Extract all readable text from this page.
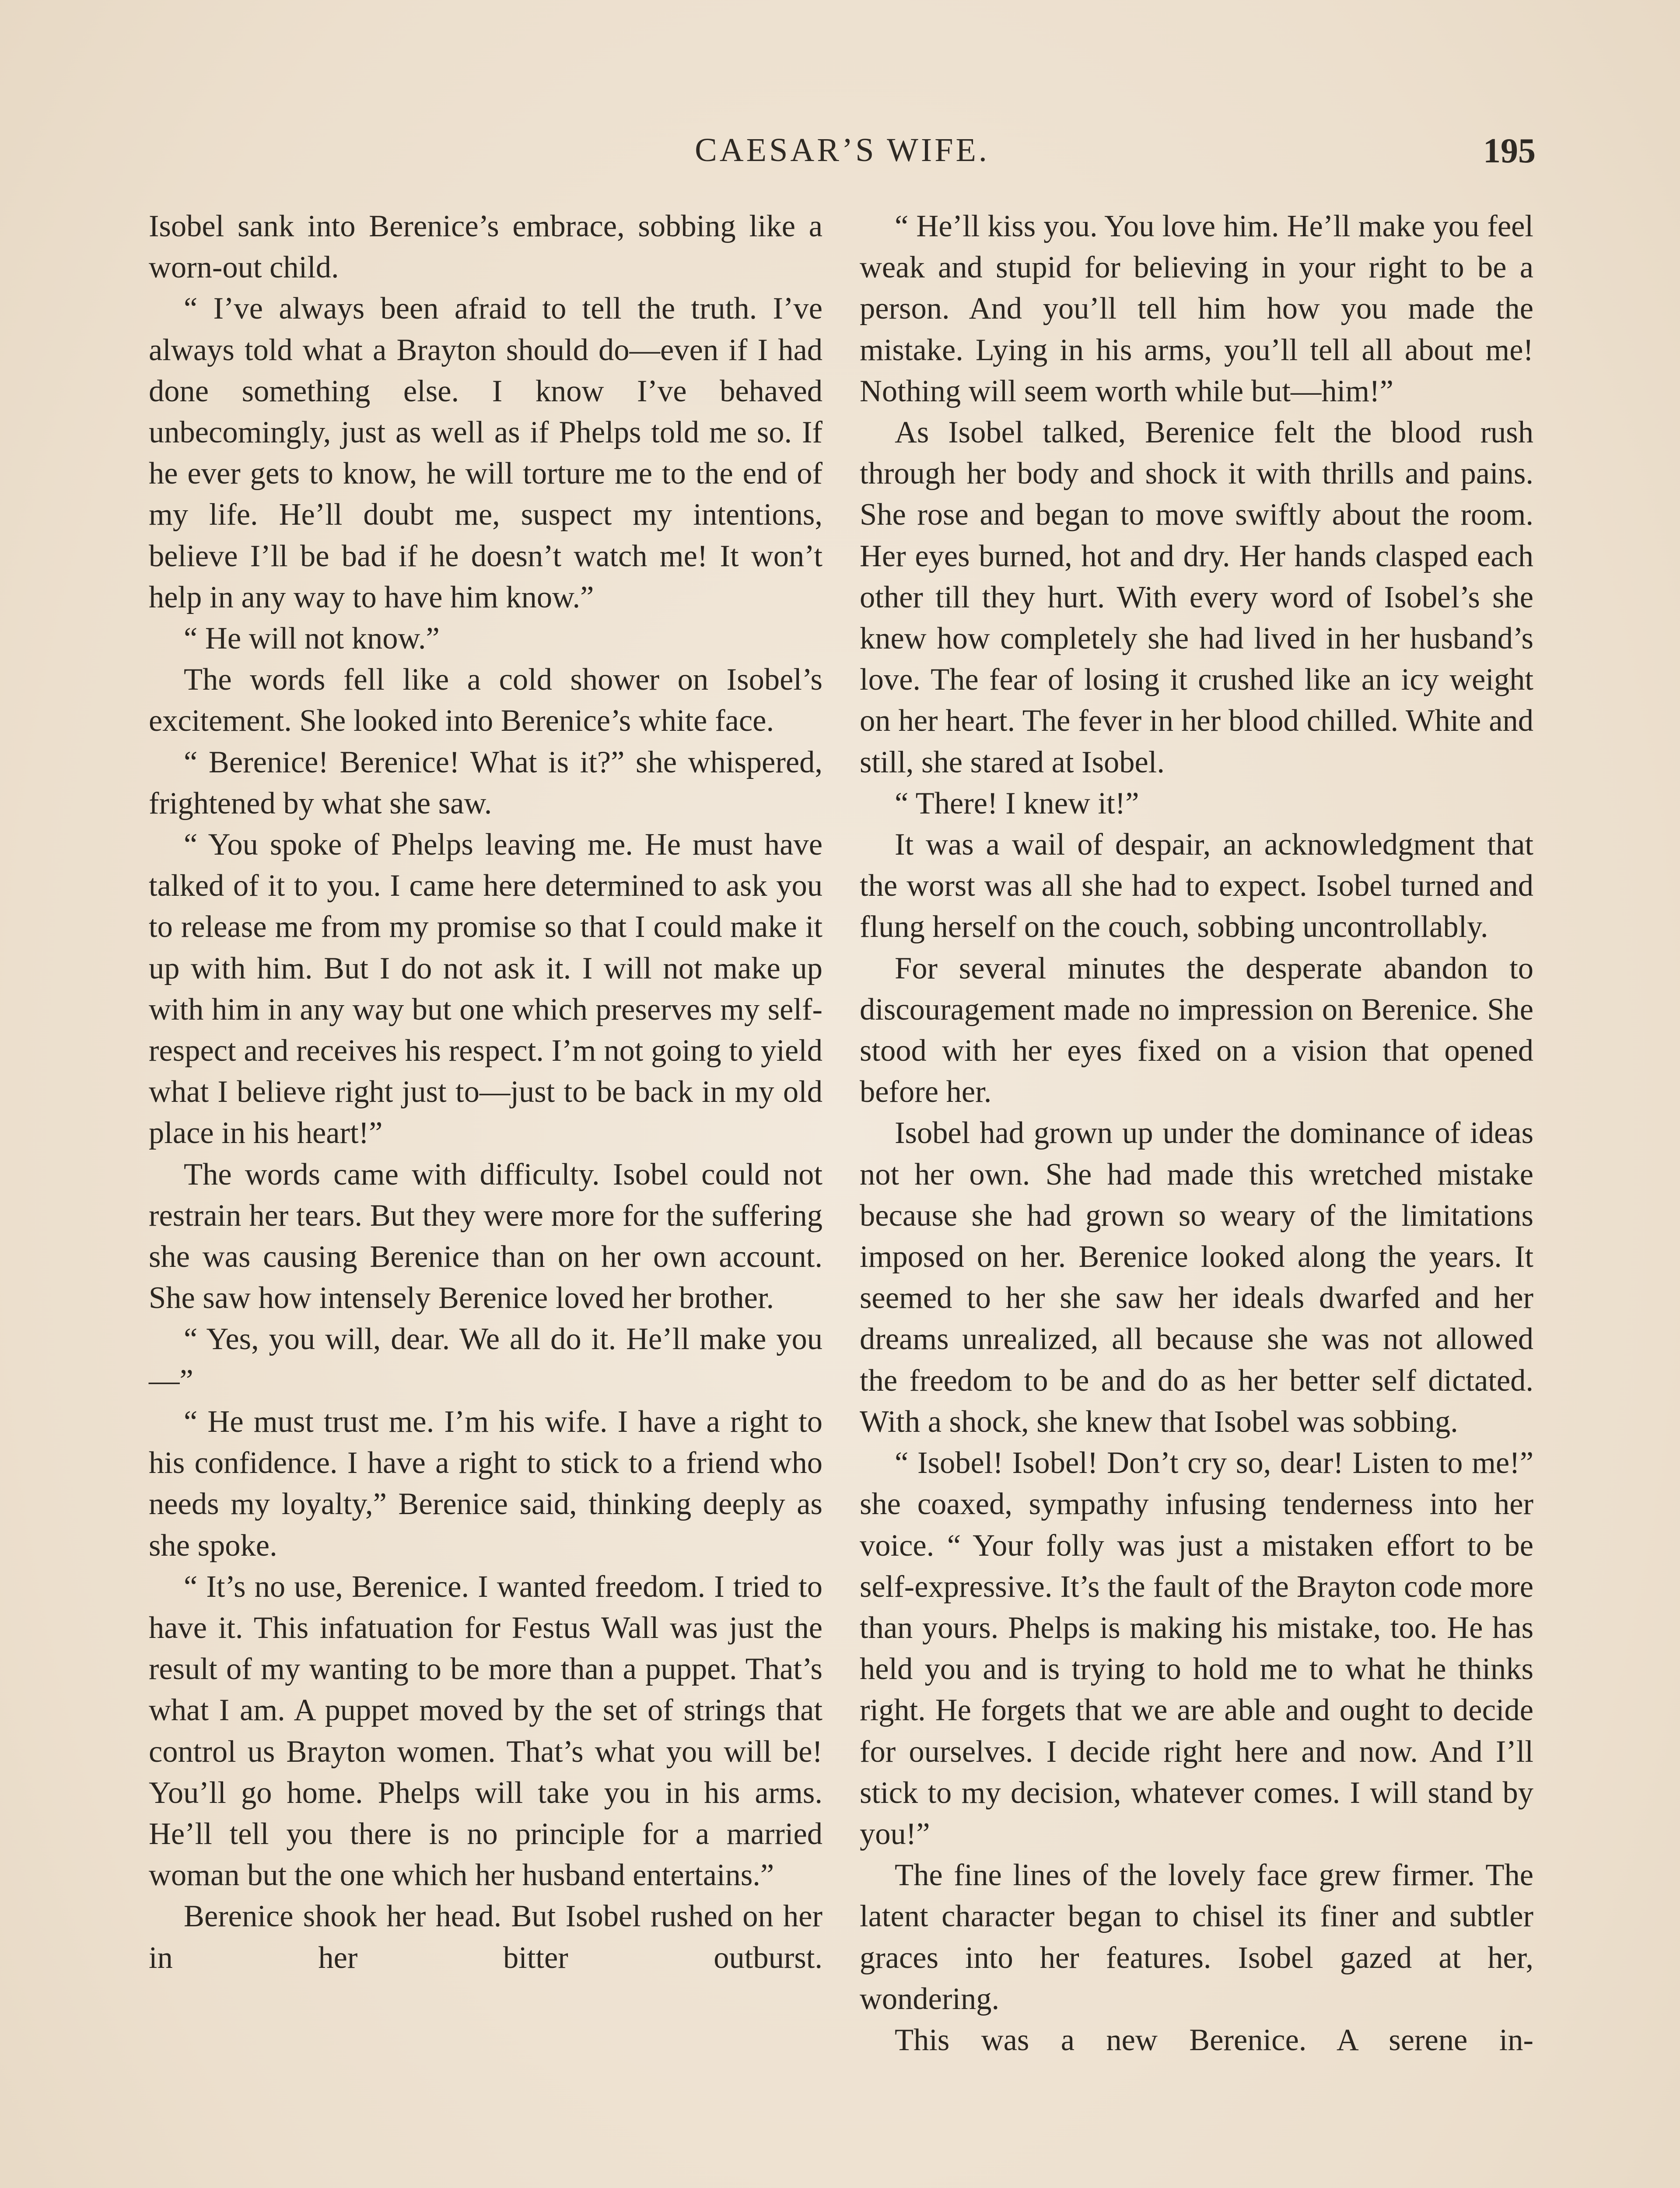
CAESAR’S WIFE.	195

Isobel sank into Berenice’s embrace, sobbing like a worn-out child.

“ I’ve always been afraid to tell the truth. I’ve always told what a Brayton should do—even if I had done something else. I know I’ve behaved unbecomingly, just as well as if Phelps told me so. If he ever gets to know, he will torture me to the end of my life. He’ll doubt me, suspect my intentions, believe I’ll be bad if he doesn’t watch me! It won’t help in any way to have him know.”

“ He will not know.”

The words fell like a cold shower on Isobel’s excitement. She looked into Berenice’s white face.

“ Berenice! Berenice! What is it?” she whispered, frightened by what she saw.

“ You spoke of Phelps leaving me. He must have talked of it to you. I came here determined to ask you to release me from my promise so that I could make it up with him. But I do not ask it. I will not make up with him in any way but one which preserves my self-respect and receives his respect. I’m not going to yield what I believe right just to—just to be back in my old place in his heart!”

The words came with difficulty. Isobel could not restrain her tears. But they were more for the suffering she was causing Berenice than on her own account. She saw how intensely Berenice loved her brother.

“ Yes, you will, dear. We all do it. He’ll make you—”

“ He must trust me. I’m his wife. I have a right to his confidence. I have a right to stick to a friend who needs my loyalty,” Berenice said, thinking deeply as she spoke.

“ It’s no use, Berenice. I wanted freedom. I tried to have it. This infatuation for Festus Wall was just the result of my wanting to be more than a puppet. That’s what I am. A puppet moved by the set of strings that control us Brayton women. That’s what you will be! You’ll go home. Phelps will take you in his arms. He’ll tell you there is no principle for a married woman but the one which her husband entertains.”

Berenice shook her head. But Isobel rushed on her in her bitter outburst.

“ He’ll kiss you. You love him. He’ll make you feel weak and stupid for believing in your right to be a person. And you’ll tell him how you made the mistake. Lying in his arms, you’ll tell all about me! Nothing will seem worth while but—him!”

As Isobel talked, Berenice felt the blood rush through her body and shock it with thrills and pains. She rose and began to move swiftly about the room. Her eyes burned, hot and dry. Her hands clasped each other till they hurt. With every word of Isobel’s she knew how completely she had lived in her husband’s love. The fear of losing it crushed like an icy weight on her heart. The fever in her blood chilled. White and still, she stared at Isobel.

“ There! I knew it!”

It was a wail of despair, an acknowledgment that the worst was all she had to expect. Isobel turned and flung herself on the couch, sobbing uncontrollably.

For several minutes the desperate abandon to discouragement made no impression on Berenice. She stood with her eyes fixed on a vision that opened before her.

Isobel had grown up under the dominance of ideas not her own. She had made this wretched mistake because she had grown so weary of the limitations imposed on her. Berenice looked along the years. It seemed to her she saw her ideals dwarfed and her dreams unrealized, all because she was not allowed the freedom to be and do as her better self dictated. With a shock, she knew that Isobel was sobbing.

“ Isobel! Isobel! Don’t cry so, dear! Listen to me!” she coaxed, sympathy infusing tenderness into her voice. “ Your folly was just a mistaken effort to be self-expressive. It’s the fault of the Brayton code more than yours. Phelps is making his mistake, too. He has held you and is trying to hold me to what he thinks right. He forgets that we are able and ought to decide for ourselves. I decide right here and now. And I’ll stick to my decision, whatever comes. I will stand by you!”

The fine lines of the lovely face grew firmer. The latent character began to chisel its finer and subtler graces into her features. Isobel gazed at her, wondering.

This was a new Berenice. A serene in-
